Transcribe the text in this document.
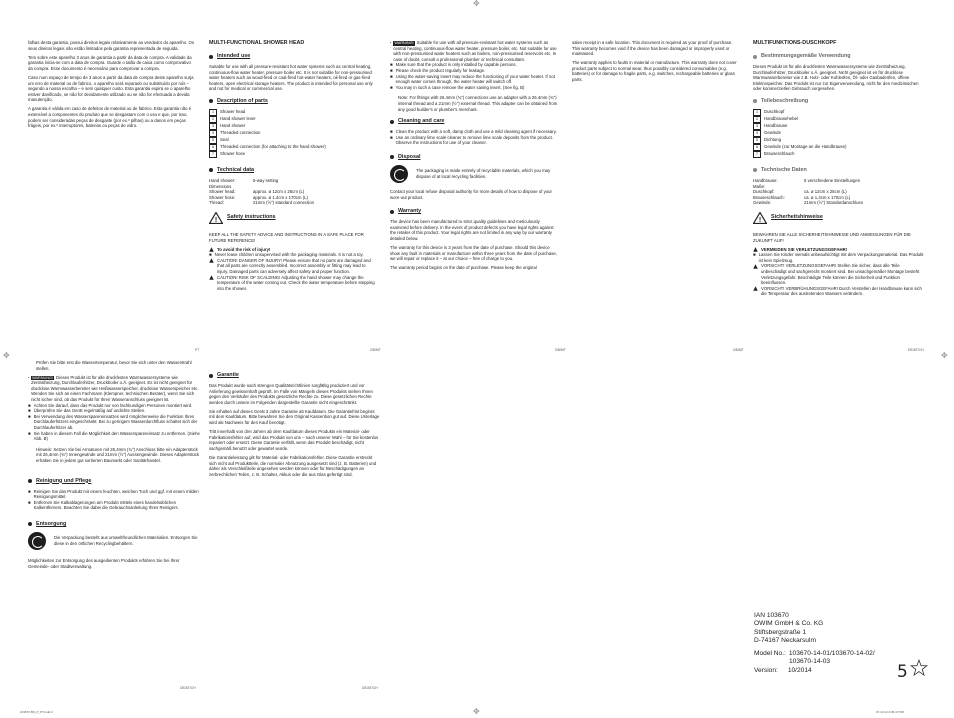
✥
✥	✥
✥

falhas desta garantia, possui direitos legais relativamente ao vendedor do aparelho. Os seus direitos legais não estão limitados pela garantia representada de seguida.

Tem sobre este aparelho 3 anos de garantia a partir da data de compra. A validade da garantia inicia-se com a data de compra. Guarde o talão de caixa como comprovativo da compra. Esse documento é necessário para comprovar a compra.

Caso num espaço de tempo de 3 anos a partir da data de compra deste aparelho surja um erro de material ou de fabrico, o aparelho será reparado ou substituído por nós – segundo a nossa escolha – e sem qualquer custo. Esta garantia expira se o aparelho estiver danificado, se não for devidamente utilizado ou se não for efectuada a devida manutenção.

A garantia é válida em caso de defeitos de material ou de fabrico. Esta garantia não é extensível a componentes do produto que se desgastam com o uso e que, por isso, podem ser consideradas peças de desgaste (por ex.º pilhas) ou a danos em peças frágeis, por ex.º interruptores, baterias ou peças de vidro.

MULTI-FUNCTIONAL SHOWER HEAD
Intended use

Suitable for use with all pressure-resistant hot water systems such as central heating, continuous-flow water heater, pressure boiler etc. It is not suitable for non-pressurised water heaters such as wood-fired or coal-fired hot-water heaters, oil-fired or gas-fired heaters, open electrical storage heaters. The product is intended for personal use only and not for medical or commercial use.

Description of parts
1	Shower head
2	Hand shower lever
3	Hand shower
4	Threaded connection
5	Seal
6	Threaded connection (for attaching to the hand shower)
7	Shower hose
Technical data
Hand shower:	5-way setting
Dimensions
Shower head:	approx. ø 12cm x 25cm (L)
Shower hose:	approx. ø 1.4cm x 170cm (L)
Thread:	21mm (½") standard connection
! Safety instructions

KEEP ALL THE SAFETY ADVICE AND INSTRUCTIONS IN A SAFE PLACE FOR FUTURE REFERENCE!

To avoid the risk of injury!
■ Never leave children unsupervised with the packaging materials. It is not a toy.
CAUTION! DANGER OF INJURY! Please ensure that no parts are damaged and that all parts are correctly assembled. Incorrect assembly or fitting may lead to injury. Damaged parts can adversely affect safety and proper function.
CAUTION! RISK OF SCALDING! Adjusting the hand shower may change the temperature of the water coming out. Check the water temperature before stepping into the shower.
WARNING! Suitable for use with all pressure-resistant hot water systems such as central heating, continuous-flow water heater, pressure boiler, etc. Not suitable for use with non-pressurised water heaters such as boilers, non-pressurised reservoirs etc. In case of doubt, consult a professional plumber or technical consultant.
■ Make sure that the product is only installed by capable persons.
■ Please check the product regularly for leakage.
■ Using the water-saving insert may reduce the functioning of your water heater. If not enough water comes through, the water heater will switch off.
■ You may in such a case remove the water saving insert. (See fig. B)

Note: For fittings with 26.4mm (¾") connections use an adapter with a 26.4mm (¾") internal thread and a 21mm (½") external thread. This adapter can be obtained from any good builder's or plumber's merchant.

Cleaning and care
■ Clean the product with a soft, damp cloth and use a mild cleaning agent if necessary.
■ Use an ordinary lime scale cleaner to remove lime scale deposits from the product. Observe the instructions for use of your cleaner.
Disposal
The packaging is made entirely of recyclable materials, which you may dispose of at local recycling facilities.

Contact your local refuse disposal authority for more details of how to dispose of your worn-out product.

Warranty

The device has been manufactured to strict quality guidelines and meticulously examined before delivery. In the event of product defects you have legal rights against the retailer of this product. Your legal rights are not limited in any way by our warranty detailed below.

The warranty for this device is 3 years from the date of purchase. Should this device show any fault in materials or manufacture within three years from the date of purchase, we will repair or replace it – at our choice – free of charge to you.

The warranty period begins on the date of purchase. Please keep the original

sales receipt in a safe location. This document is required as your proof of purchase. This warranty becomes void if the device has been damaged or improperly used or maintained.

The warranty applies to faults in material or manufacture. This warranty does not cover product parts subject to normal wear, thus possibly considered consumables (e.g. batteries) or for damage to fragile parts, e.g. switches, rechargeable batteries or glass parts.

MULTIFUNKTIONS-DUSCHKOPF
Bestimmungsgemäße Verwendung

Dieses Produkt ist für alle druckfesten Warmwassersysteme wie Zentralheizung, Durchlauferhitzer, Druckboiler o.Ä. geeignet. Nicht geeignet ist es für drucklose Warmwasserbereiter wie z.B. Holz- oder Kohleöfen, Öl- oder Gasbadeöfen, offene Elektrospeicher. Das Produkt ist nur zur Eigenverwendung, nicht für den medizinischen oder kommerziellen Gebrauch vorgesehen.

Teilebeschreibung
1	Duschkopf
2	Handbrausehebel
3	Handbrause
4	Gewinde
5	Dichtung
6	Gewinde (zur Montage an die Handbrause)
7	Brauseschlauch
Technische Daten
Handbrause:	5 verschiedene Einstellungen
Maße:
Duschkopf:	ca. ø 12cm x 25cm (L)
Brauseschlauch:	ca. ø 1,4cm x 170cm (L)
Gewinde:	21mm (½") Standardanschluss
! Sicherheitshinweise

BEWAHREN SIE ALLE SICHERHEITSHINWEISE UND ANWEISUNGEN FÜR DIE ZUKUNFT AUF!

VERMEIDEN SIE VERLETZUNGSGEFAHR!
■ Lassen Sie Kinder niemals unbeaufsichtigt mit dem Verpackungsmaterial. Das Produkt ist kein Spielzeug.
VORSICHT! VERLETZUNGSGEFAHR! Stellen Sie sicher, dass alle Teile unbeschädigt und sachgerecht montiert sind. Bei unsachgemäßer Montage besteht Verletzungsgefahr. Beschädigte Teile können die Sicherheit und Funktion beeinflussen.
VORSICHT! VERBRÜHUNGSGEFAHR! Durch Verstellen der Handbrause kann sich die Temperatur des austretenden Wassers verändern.
PT	GB/MT	GB/MT	GB/MT	DE/AT/CH

Prüfen Sie bitte erst die Wassertemperatur, bevor Sie sich unter den Wasserstrahl stellen.

WARNUNG! Dieses Produkt ist für alle druckfesten Warmwassersysteme wie Zentralheizung, Durchlauferhitzer, Druckboiler o.Ä. geeignet. Es ist nicht geeignet für drucklose Warmwasserbereiter wie Heißwasserspeicher, drucklose Wasserspeicher etc. Wenden Sie sich an einen Fachmann (Klempner, technischen Berater), wenn Sie sich nicht sicher sind, ob das Produkt für Ihren Wasseranschluss geeignet ist.
■ Achten Sie darauf, dass das Produkt nur von fachkundigen Personen montiert wird.
■ Überprüfen Sie das Gerät regelmäßig auf undichte Stellen.
■ Bei Verwendung des Wassersparereinsatzes wird möglicherweise die Funktion Ihres Durchlauferhitzers eingeschränkt. Bei zu geringem Wasserdurchfluss schaltet sich der Durchlauferhitzer ab.
■ Sie haben in diesem Fall die Möglichkeit den Wassersparereinsatz zu entfernen. (Siehe Abb. B)

Hinweis: Setzen Sie bei Armaturen mit 26,4mm (¾") Anschluss bitte ein Adapterstück mit 26,4mm (¾") Innengewinde und 21mm (½") Aussengewinde. Dieses Adapterstück erhalten Sie in jedem gut sortierten Baumarkt oder Sanitärhandel.

Reinigung und Pflege
■ Reinigen Sie das Produkt mit einem feuchten, weichen Tuch und ggf. mit einem milden Reinigungsmittel.
■ Entfernen Sie Kalkablagerungen am Produkt mittels eines handelsüblichen Kalkentferners. Beachten Sie dabei die Gebrauchsanleitung Ihres Reinigers.
Entsorgung
Die Verpackung besteht aus umweltfreundlichen Materialien. Entsorgen Sie diese in den örtlichen Recyclingbehältern.

Möglichkeiten zur Entsorgung des ausgedienten Produkts erfahren Sie bei Ihrer Gemeinde- oder Stadtverwaltung.

Garantie

Das Produkt wurde nach strengen Qualitätsrichtlinien sorgfältig produziert und vor Anlieferung gewissenhaft geprüft. Im Falle von Mängeln dieses Produkts stehen Ihnen gegen den Verkäufer des Produkts gesetzliche Rechte zu. Diese gesetzlichen Rechte werden durch unsere im Folgenden dargestellte Garantie nicht eingeschränkt.

Sie erhalten auf dieses Gerät 3 Jahre Garantie ab Kaufdatum. Die Garantiefrist beginnt mit dem Kaufdatum. Bitte bewahren Sie den Original Kassenbon gut auf. Diese Unterlage wird als Nachweis für den Kauf benötigt.

Tritt innerhalb von drei Jahren ab dem Kaufdatum dieses Produkts ein Material- oder Fabrikationsfehler auf, wird das Produkt von uns – nach unserer Wahl – für Sie kostenlos repariert oder ersetzt. Diese Garantie verfällt, wenn das Produkt beschädigt, nicht sachgemäß benutzt oder gewartet wurde.

Die Garantieleistung gilt für Material- oder Fabrikationsfehler. Diese Garantie erstreckt sich nicht auf Produktteile, die normaler Abnutzung ausgesetzt sind (z. B. Batterien) und daher als Verschleißteile angesehen werden können oder für Beschädigungen an zerbrechlichen Teilen, z. B. Schalter, Akkus oder die aus Glas gefertigt sind.

IAN 103670
OWIM GmbH & Co. KG
Stiftsbergstraße 1
D-74167 Neckarsulm
Model No.: 103670-14-01/103670-14-02/
103670-14-03
Version: 10/2014	5
DE/AT/CH	DE/AT/CH
103670 BS_P_PT.indd 2	07.10.14 2:36:47 PM
